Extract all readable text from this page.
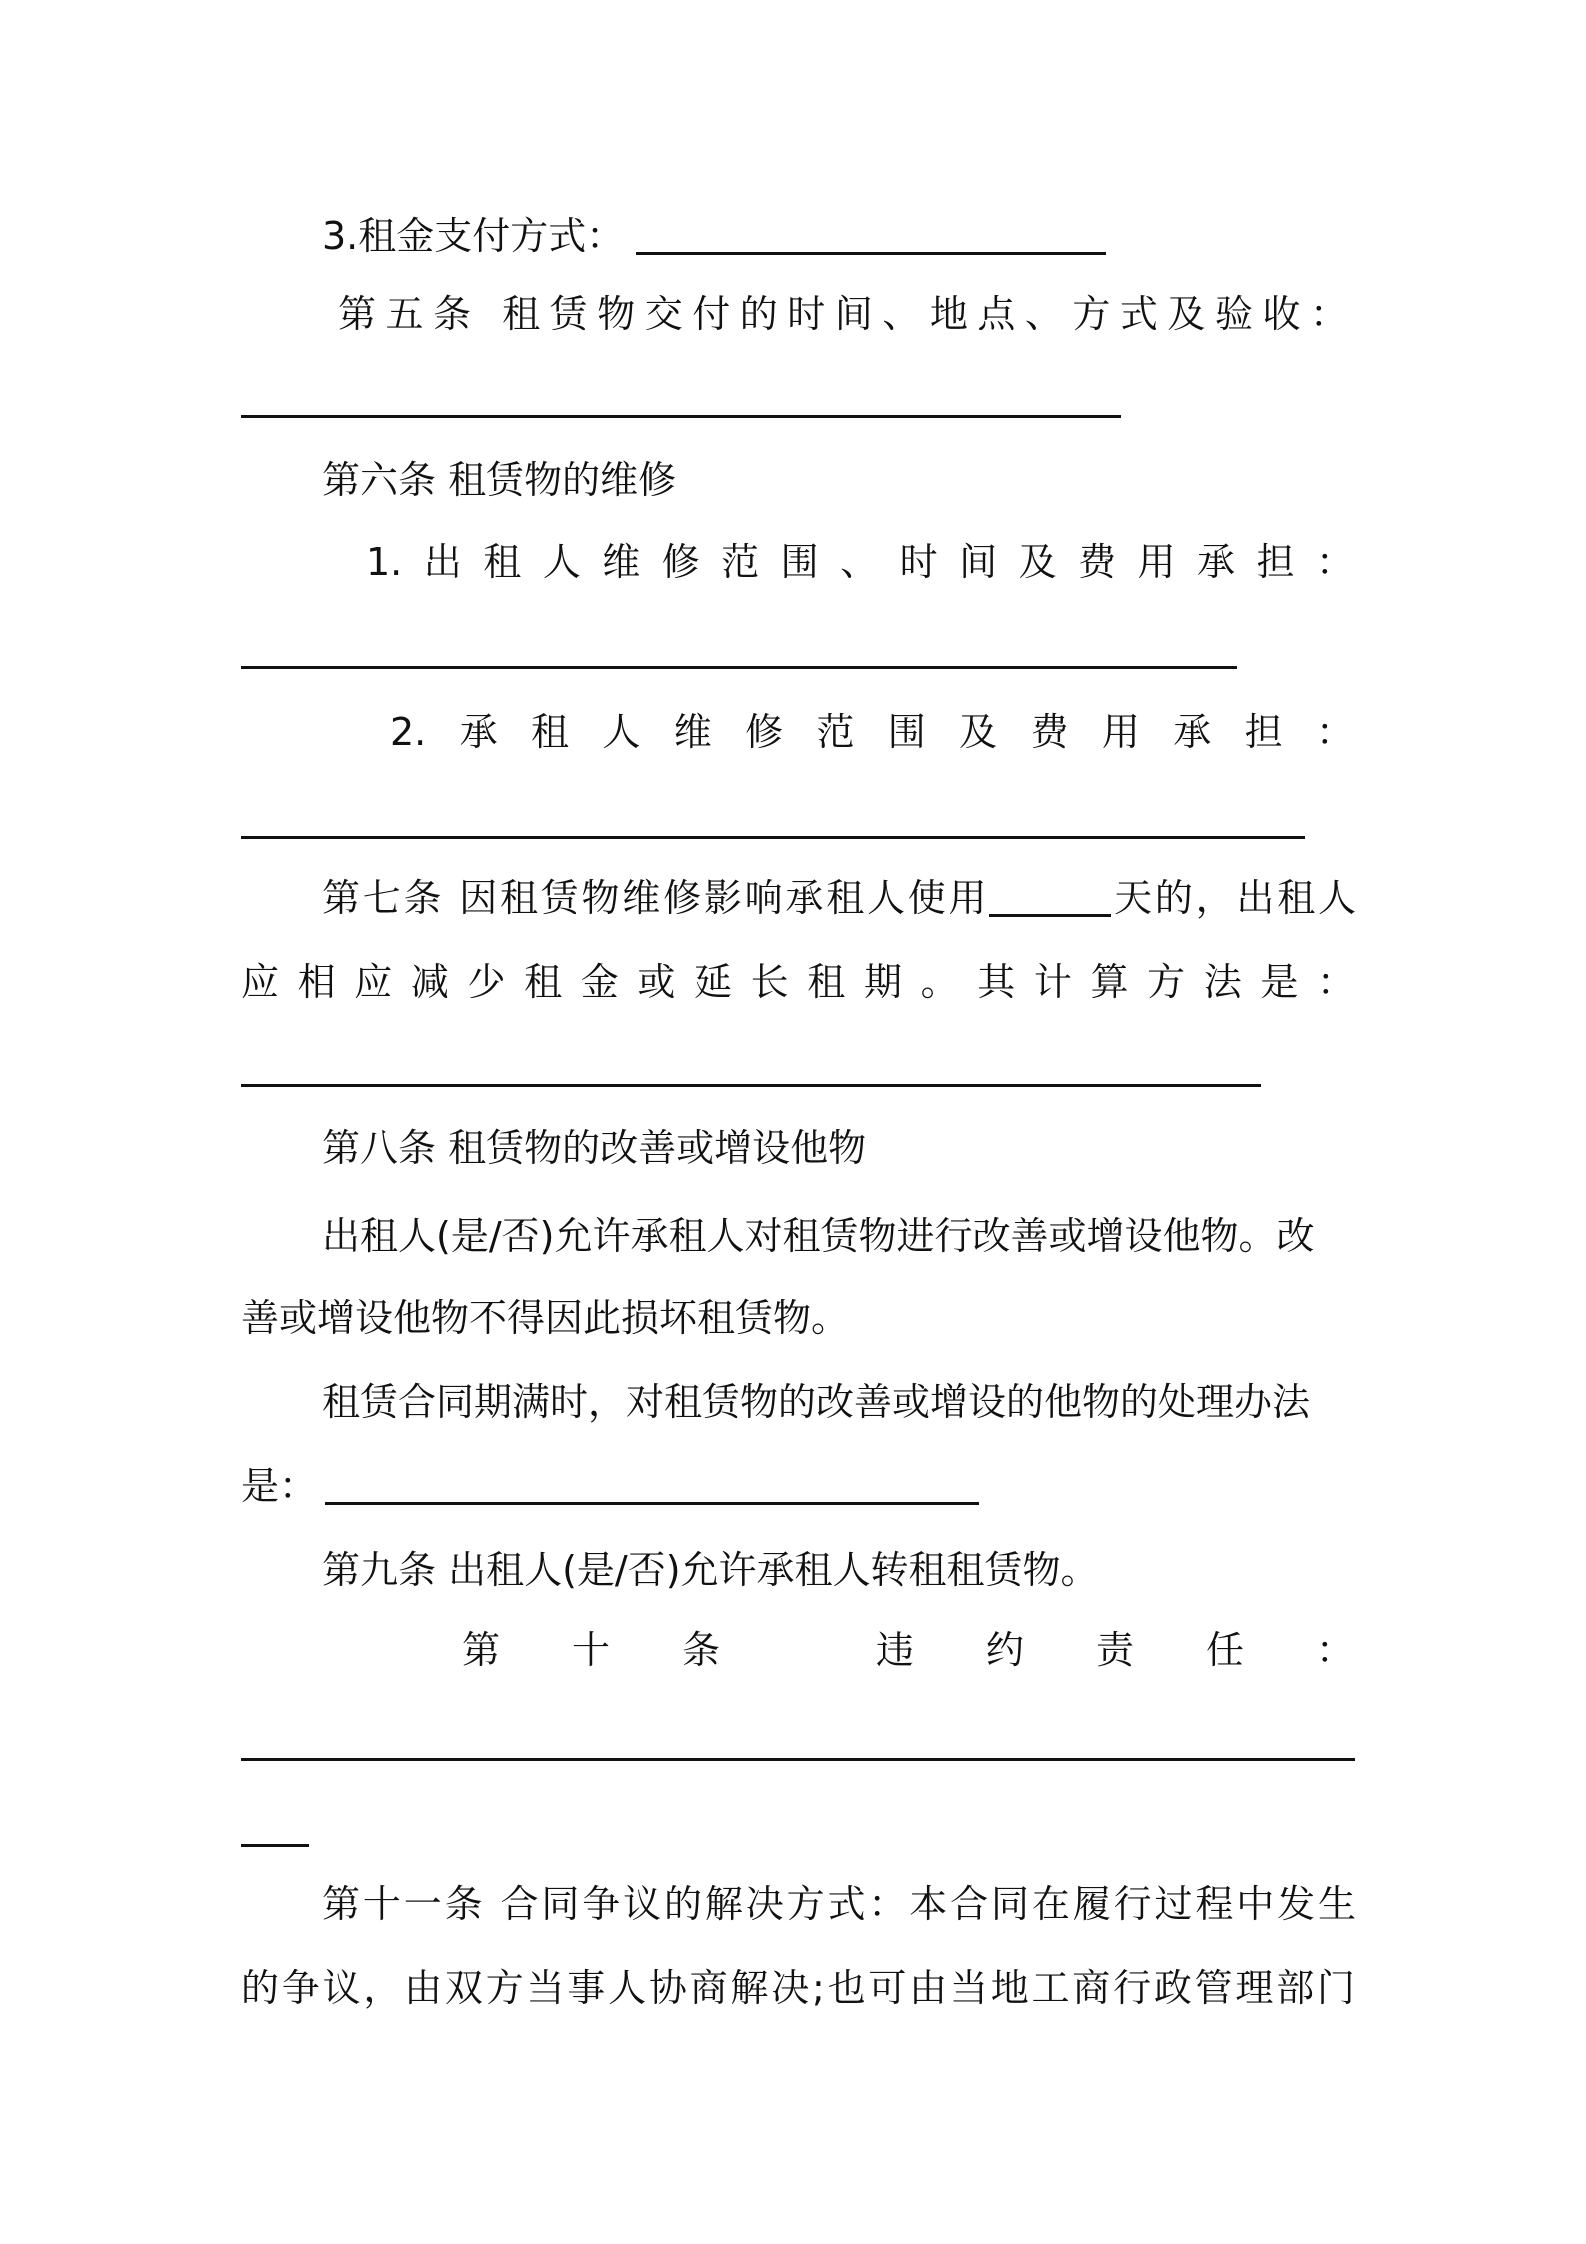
3.租金支付方式：
第五条 租赁物交付的时间、地点、方式及验收：
第六条 租赁物的维修
1.出租人维修范围、时间及费用承担：
2.承租人维修范围及费用承担：
第七条 因租赁物维修影响承租人使用	天的，出租人
应相应减少租金或延长租期。其计算方法是：
第八条 租赁物的改善或增设他物
出租人(是/否)允许承租人对租赁物进行改善或增设他物。改
善或增设他物不得因此损坏租赁物。
租赁合同期满时，对租赁物的改善或增设的他物的处理办法
是：
第九条 出租人(是/否)允许承租人转租租赁物。
第十条 违约责任：
第十一条 合同争议的解决方式：本合同在履行过程中发生
的争议，由双方当事人协商解决;也可由当地工商行政管理部门
